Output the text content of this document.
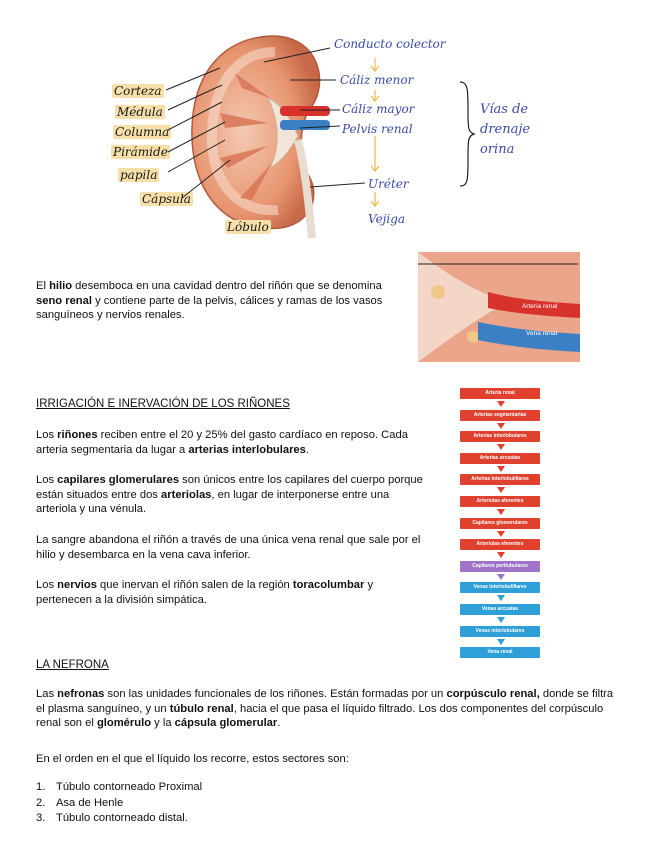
Corteza
Médula
Columna
Pirámide
papila
Cápsula
Lóbulo
Conducto colector
Cáliz menor
Cáliz mayor
Pelvis renal
Uréter
Vejiga
Vías de
drenaje
orina
El hilio desemboca en una cavidad dentro del riñón que se denomina seno renal y contiene parte de la pelvis, cálices y ramas de los vasos sanguíneos y nervios renales.
Arteria renal
Vena renal
IRRIGACIÓN E INERVACIÓN DE LOS RIÑONES
Los riñones reciben entre el 20 y 25% del gasto cardíaco en reposo. Cada arteria segmentaria da lugar a arterias interlobulares.
Los capilares glomerulares son únicos entre los capilares del cuerpo porque están situados entre dos arteriolas, en lugar de interponerse entre una arteriola y una vénula.
La sangre abandona el riñón a través de una única vena renal que sale por el hilio y desembarca en la vena cava inferior.
Los nervios que inervan el riñón salen de la región toracolumbar y pertenecen a la división simpática.
Arteria renal
Arterias segmentarias
Arterias interlobulares
Arterias arcuatas
Arterias interlobulillares
Arteriolas aferentes
Capilares glomerulares
Arteriolas eferentes
Capilares peritubulares
Venas interlobulillares
Venas arcuatas
Venas interlobulares
Vena renal
LA NEFRONA
Las nefronas son las unidades funcionales de los riñones. Están formadas por un corpúsculo renal, donde se filtra el plasma sanguíneo, y un túbulo renal, hacia el que pasa el líquido filtrado. Los dos componentes del corpúsculo renal son el glomérulo y la cápsula glomerular.
En el orden en el que el líquido los recorre, estos sectores son:
1. Túbulo contorneado Proximal
2. Asa de Henle
3. Túbulo contorneado distal.
